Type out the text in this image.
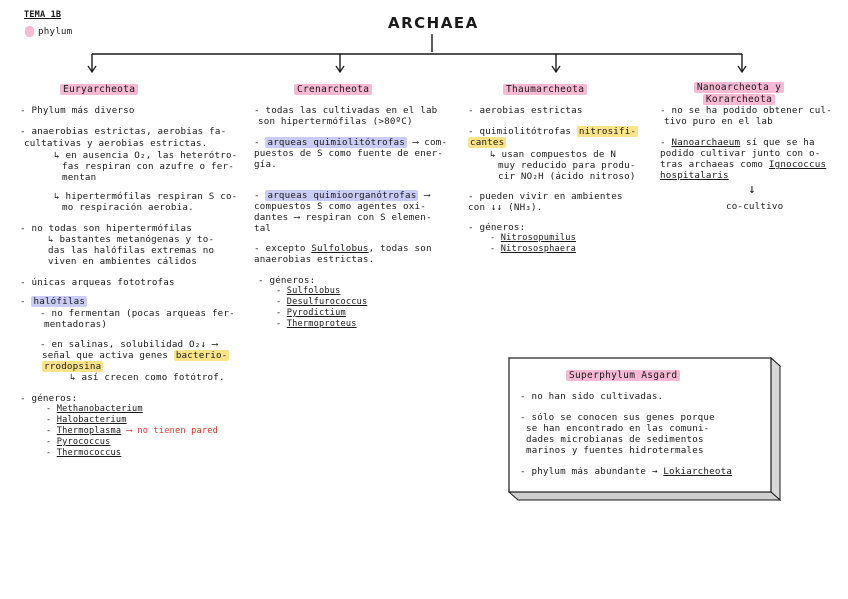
TEMA 1B
phylum	ARCHAEA
Euryarcheota
- Phylum más diverso
- anaerobias estrictas, aerobias fa-
cultativas y aerobias estrictas.
↳ en ausencia O₂, las heterótro-
fas respiran con azufre o fer-
mentan
↳ hipertermófilas respiran S co-
mo respiración aerobia.
- no todas son hipertermófilas
↳ bastantes metanógenas y to-
das las halófilas extremas no
viven en ambientes cálidos
- únicas arqueas fototrofas
- halófilas
- no fermentan (pocas arqueas fer-
mentadoras)
- en salinas, solubilidad O₂↓ ⟶
señal que activa genes bacterio-
rrodopsina
↳ así crecen como fotótrof.
- géneros:
- Methanobacterium
- Halobacterium
- Thermoplasma ⟶ no tienen pared
- Pyrococcus
- Thermococcus
Crenarcheota
- todas las cultivadas en el lab
son hipertermófilas (>80ºC)
- arqueas quimiolitótrofas ⟶ com-
puestos de S como fuente de ener-
gía.
- arqueas quimioorganótrofas ⟶
compuestos S como agentes oxi-
dantes ⟶ respiran con S elemen-
tal
- excepto Sulfolobus, todas son
anaerobias estrictas.
- géneros:
- Sulfolobus
- Desulfurococcus
- Pyrodictium
- Thermoproteus
Thaumarcheota
- aerobias estrictas
- quimiolitótrofas nitrosifi-
cantes
↳ usan compuestos de N
muy reducido para produ-
cir NO₂H (ácido nitroso)
- pueden vivir en ambientes
con ↓↓ (NH₃).
- géneros:
- Nitrosopumilus
- Nitrososphaera
Nanoarcheota y
Korarcheota
- no se ha podido obtener cul-
tivo puro en el lab
- Nanoarchaeum sí que se ha
podido cultivar junto con o-
tras archaeas como Ignococcus
hospitalaris
↓
co-cultivo
Superphylum Asgard
- no han sido cultivadas.
- sólo se conocen sus genes porque
se han encontrado en las comuni-
dades microbianas de sedimentos
marinos y fuentes hidrotermales
- phylum más abundante → Lokiarcheota
